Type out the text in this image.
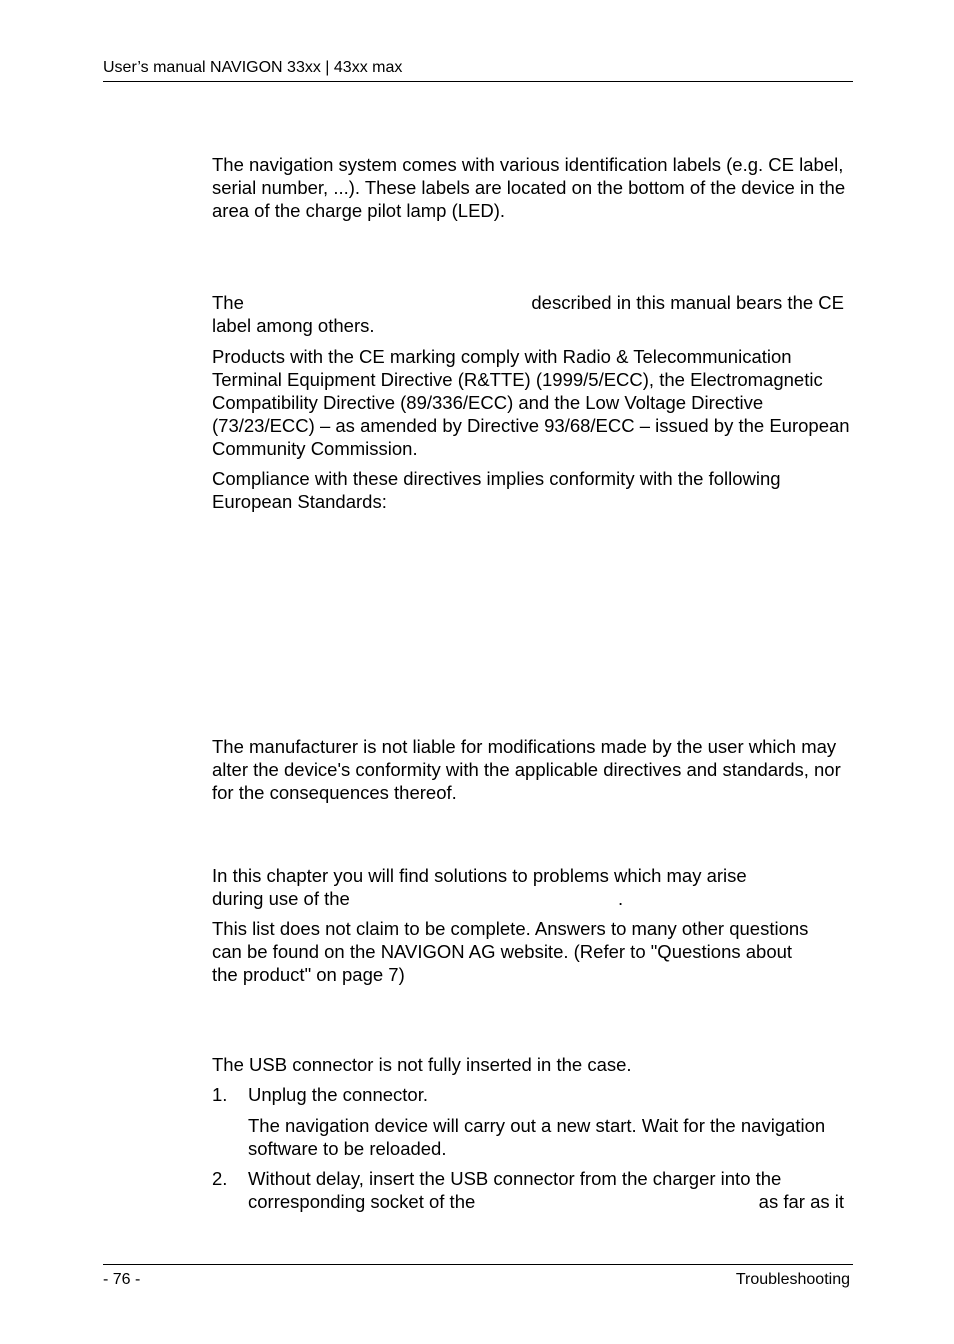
User’s manual NAVIGON 33xx | 43xx max

The navigation system comes with various identification labels (e.g. CE label, serial number, ...). These labels are located on the bottom of the device in the area of the charge pilot lamp (LED).

The	described in this manual bears the CE
label among others.

Products with the CE marking comply with Radio & Telecommunication Terminal Equipment Directive (R&TTE) (1999/5/ECC), the Electromagnetic Compatibility Directive (89/336/ECC) and the Low Voltage Directive (73/23/ECC) – as amended by Directive 93/68/ECC – issued by the European Community Commission.

Compliance with these directives implies conformity with the following European Standards:

The manufacturer is not liable for modifications made by the user which may alter the device's conformity with the applicable directives and standards, nor for the consequences thereof.

In this chapter you will find solutions to problems which may arise
during use of the	.

This list does not claim to be complete. Answers to many other questions can be found on the NAVIGON AG website. (Refer to "Questions about the product" on page 7)

The USB connector is not fully inserted in the case.

1. Unplug the connector.

The navigation device will carry out a new start. Wait for the navigation software to be reloaded.

2. Without delay, insert the USB connector from the charger into the
corresponding socket of the	as far as it
- 76 -	Troubleshooting
